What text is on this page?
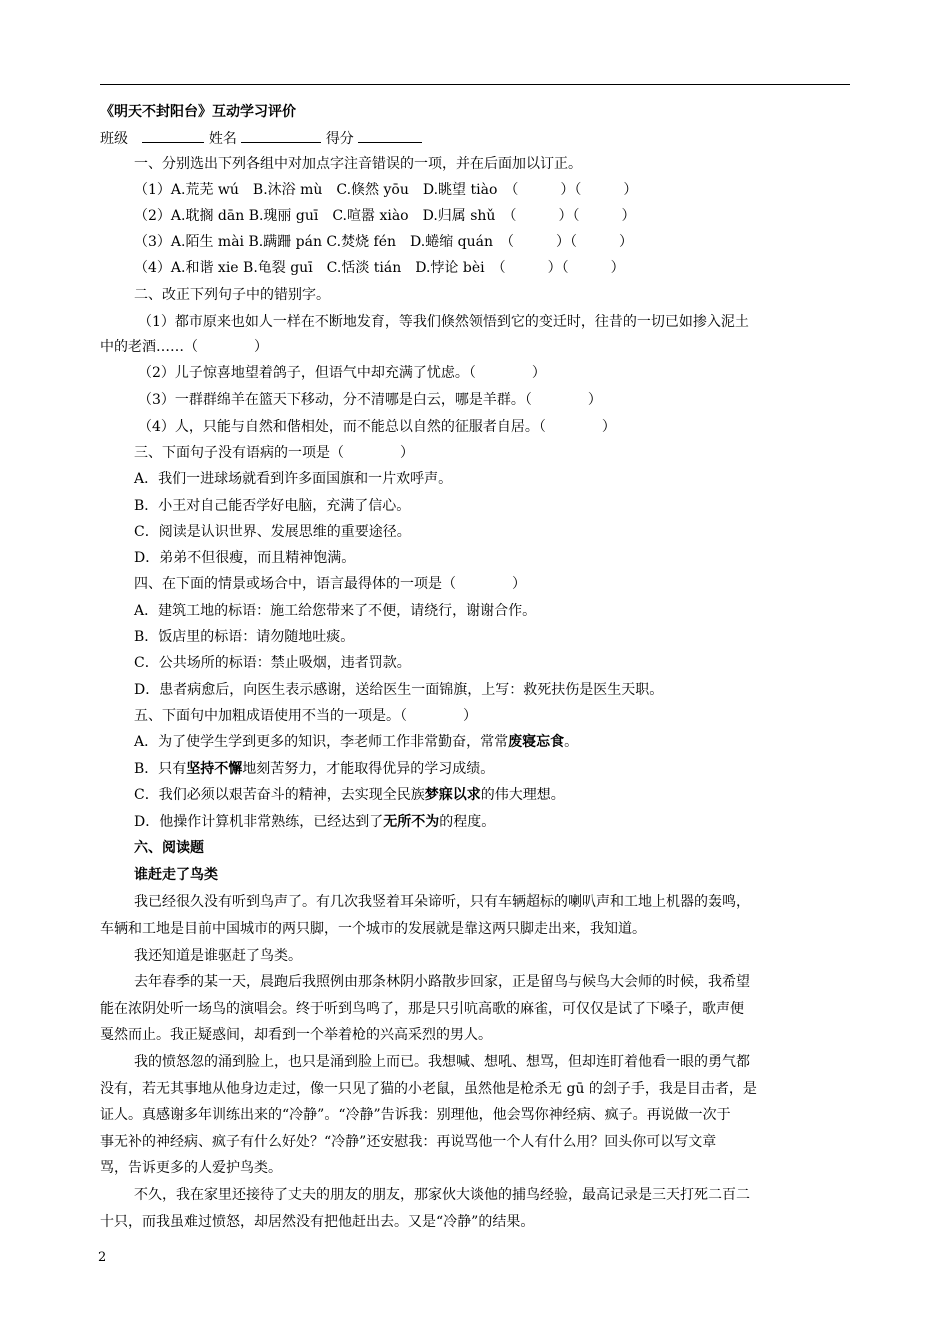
《明天不封阳台》互动学习评价
班级	姓名	得分
一、分别选出下列各组中对加点字注音错误的一项，并在后面加以订正。
（1）A.荒芜 wú　B.沐浴 mù　C.倏然 yōu　D.眺望 tiào　（　　　）（　　　）
（2）A.耽搁 dān B.瑰丽 guī　C.喧嚣 xiào　D.归属 shǔ　（　　　）（　　　）
（3）A.陌生 mài B.蹒跚 pán C.焚烧 fén　D.蜷缩 quán　（　　　）（　　　）
（4）A.和谐 xie B.龟裂 guī　C.恬淡 tián　D.悖论 bèi　（　　　）（　　　）
二、改正下列句子中的错别字。
（1）都市原来也如人一样在不断地发育，等我们倏然领悟到它的变迁时，往昔的一切已如掺入泥土
中的老酒……（　　　　）
（2）儿子惊喜地望着鸽子，但语气中却充满了忧虑。（　　　　）
（3）一群群绵羊在篮天下移动，分不清哪是白云，哪是羊群。（　　　　）
（4）人，只能与自然和偕相处，而不能总以自然的征服者自居。（　　　　）
三、下面句子没有语病的一项是（　　　　）
A．我们一进球场就看到许多面国旗和一片欢呼声。
B．小王对自己能否学好电脑，充满了信心。
C．阅读是认识世界、发展思维的重要途径。
D．弟弟不但很瘦，而且精神饱满。
四、在下面的情景或场合中，语言最得体的一项是（　　　　）
A．建筑工地的标语：施工给您带来了不便，请绕行，谢谢合作。
B．饭店里的标语：请勿随地吐痰。
C．公共场所的标语：禁止吸烟，违者罚款。
D．患者病愈后，向医生表示感谢，送给医生一面锦旗，上写：救死扶伤是医生天职。
五、下面句中加粗成语使用不当的一项是。（　　　　）
A．为了使学生学到更多的知识，李老师工作非常勤奋，常常废寝忘食。
B．只有坚持不懈地刻苦努力，才能取得优异的学习成绩。
C．我们必须以艰苦奋斗的精神，去实现全民族梦寐以求的伟大理想。
D．他操作计算机非常熟练，已经达到了无所不为的程度。
六、阅读题
谁赶走了鸟类
我已经很久没有听到鸟声了。有几次我竖着耳朵谛听，只有车辆超标的喇叭声和工地上机器的轰鸣，
车辆和工地是目前中国城市的两只脚，一个城市的发展就是靠这两只脚走出来，我知道。
我还知道是谁驱赶了鸟类。
去年春季的某一天，晨跑后我照例由那条林阴小路散步回家，正是留鸟与候鸟大会师的时候，我希望
能在浓阴处听一场鸟的演唱会。终于听到鸟鸣了，那是只引吭高歌的麻雀，可仅仅是试了下嗓子，歌声便
戛然而止。我正疑惑间，却看到一个举着枪的兴高采烈的男人。
我的愤怒忽的涌到脸上，也只是涌到脸上而已。我想喊、想吼、想骂，但却连盯着他看一眼的勇气都
没有，若无其事地从他身边走过，像一只见了猫的小老鼠，虽然他是枪杀无 gū 的刽子手，我是目击者，是
证人。真感谢多年训练出来的“冷静”。“冷静”告诉我：别理他，他会骂你神经病、疯子。再说做一次于
事无补的神经病、疯子有什么好处？“冷静”还安慰我：再说骂他一个人有什么用？回头你可以写文章
骂，告诉更多的人爱护鸟类。
不久，我在家里还接待了丈夫的朋友的朋友，那家伙大谈他的捕鸟经验，最高记录是三天打死二百二
十只，而我虽难过愤怒，却居然没有把他赶出去。又是“冷静”的结果。
2
